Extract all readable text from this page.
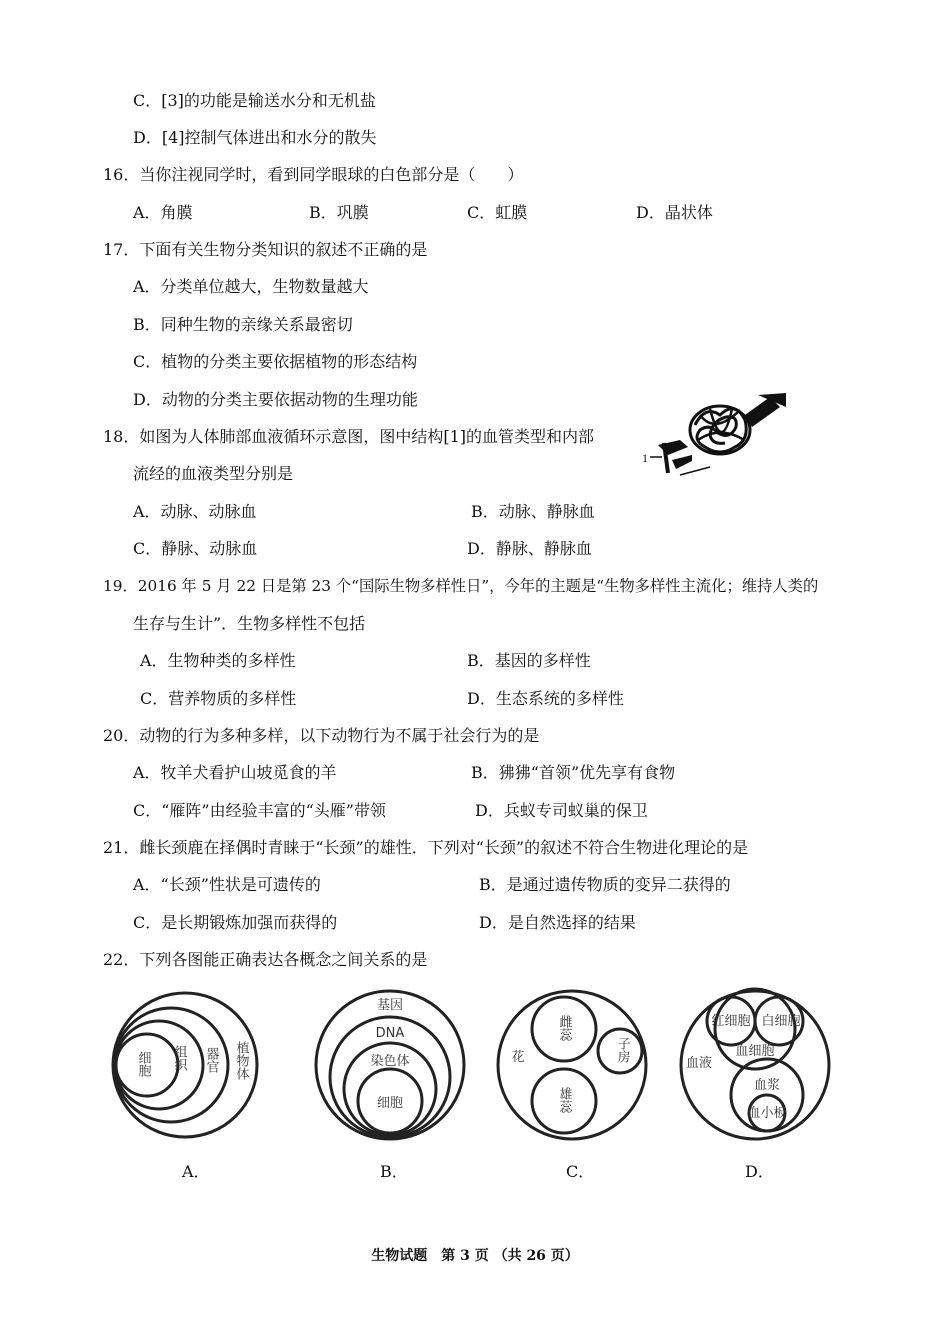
C．[3]的功能是输送水分和无机盐
D．[4]控制气体进出和水分的散失
16．当你注视同学时，看到同学眼球的白色部分是（　　）
A．角膜	B．巩膜	C．虹膜	D．晶状体
17．下面有关生物分类知识的叙述不正确的是
A．分类单位越大，生物数量越大
B．同种生物的亲缘关系最密切
C．植物的分类主要依据植物的形态结构
D．动物的分类主要依据动物的生理功能
18．如图为人体肺部血液循环示意图，图中结构[1]的血管类型和内部
流经的血液类型分别是
1
A．动脉、动脉血	B．动脉、静脉血
C．静脉、动脉血	D．静脉、静脉血
19．2016 年 5 月 22 日是第 23 个“国际生物多样性日”，今年的主题是“生物多样性主流化；维持人类的
生存与生计”．生物多样性不包括
A．生物种类的多样性	B．基因的多样性
C．营养物质的多样性	D．生态系统的多样性
20．动物的行为多种多样，以下动物行为不属于社会行为的是
A．牧羊犬看护山坡觅食的羊	B．狒狒“首领”优先享有食物
C．“雁阵”由经验丰富的“头雁”带领	D．兵蚁专司蚁巢的保卫
21．雌长颈鹿在择偶时青睐于“长颈”的雄性．下列对“长颈”的叙述不符合生物进化理论的是
A．“长颈”性状是可遗传的	B．是通过遗传物质的变异二获得的
C．是长期锻炼加强而获得的	D．是自然选择的结果
22．下列各图能正确表达各概念之间关系的是
细胞 组织 器官 植物体
基因
DNA
染色体
细胞
花
雌蕊
子房
雄蕊
红细胞 白细胞
血细胞
血液
血浆
血小板
A．	B．	C．	D．
生物试题　第 3 页 （共 26 页）
